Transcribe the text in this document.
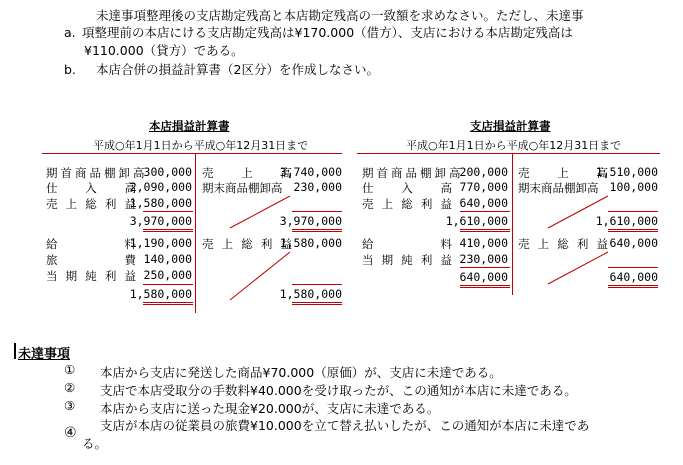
未達事項整理後の支店勘定残高と本店勘定残高の一致額を求めなさい。ただし、未達事
a. 項整理前の本店にける支店勘定残高は¥170.000（借方）、支店における本店勘定残高は
¥110.000（貸方）である。
b. 本店合併の損益計算書（2区分）を作成しなさい。
本店損益計算書
平成○年1月1日から平成○年12月31日まで
期首商品棚卸高
300,000
仕入高
2,090,000
売上総利益
1,580,000
3,970,000
給料
1,190,000
旅費 140,000
当期純利益 250,000
1,580,000
売上高
3,740,000
期末商品棚卸高 230,000
3,970,000
売上総利益
1,580,000
1,580,000
支店損益計算書
平成○年1月1日から平成○年12月31日まで
期首商品棚卸高
200,000
仕入高 770,000
売上総利益 640,000
1,610,000
給料 410,000
当期純利益 230,000
640,000
売上高
1,510,000
期末商品棚卸高 100,000
1,610,000
売上総利益 640,000
640,000
未達事項
① 本店から支店に発送した商品¥70.000（原価）が、支店に未達である。
② 支店で本店受取分の手数料¥40.000を受け取ったが、この通知が本店に未達である。
③ 本店から支店に送った現金¥20.000が、支店に未達である。
④ 支店が本店の従業員の旅費¥10.000を立て替え払いしたが、この通知が本店に未達であ
る。
